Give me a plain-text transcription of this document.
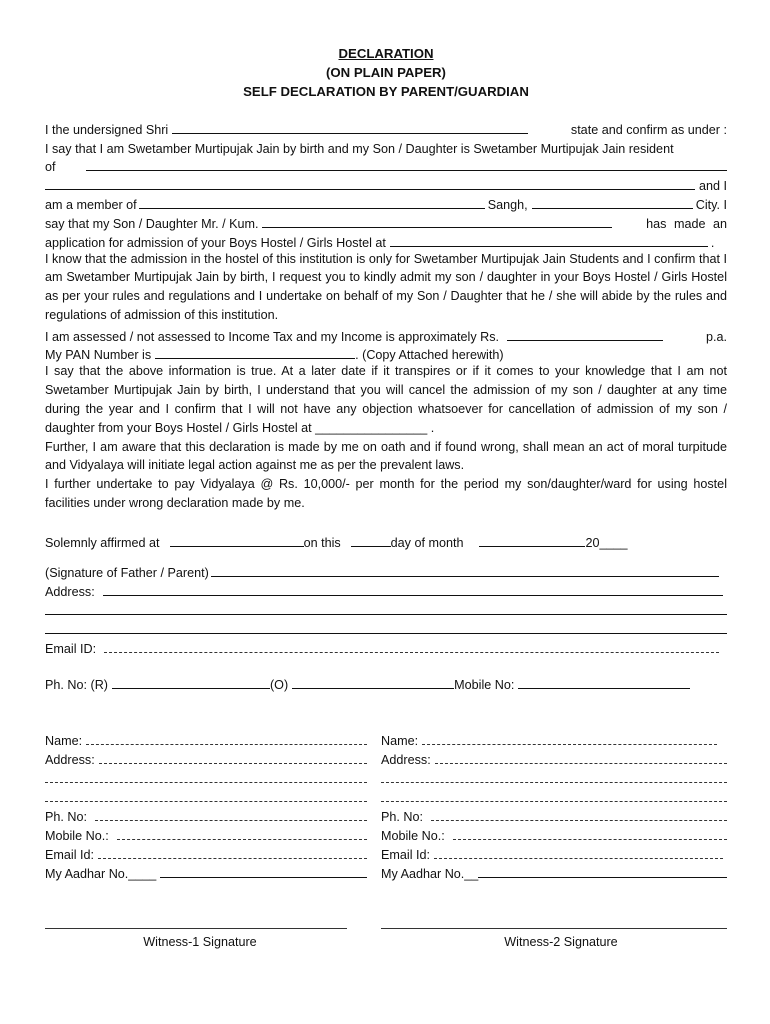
DECLARATION
(ON PLAIN PAPER)
SELF DECLARATION BY PARENT/GUARDIAN
I the undersigned Shri	state and confirm as under :
I say that I am Swetamber Murtipujak Jain by birth and my Son / Daughter is Swetamber Murtipujak Jain resident
of
and I
am a member of	Sangh,	City. I
say that my Son / Daughter Mr. / Kum.	has made an
application for admission of your Boys Hostel / Girls Hostel at	.
I know that the admission in the hostel of this institution is only for Swetamber Murtipujak Jain Students and I confirm that I am Swetamber Murtipujak Jain by birth, I request you to kindly admit my son / daughter in your Boys Hostel / Girls Hostel as per your rules and regulations and I undertake on behalf of my Son / Daughter that he / she will abide by the rules and regulations of admission of this institution.
I am assessed / not assessed to Income Tax and my Income is approximately Rs.	p.a.
My PAN Number is	. (Copy Attached herewith)
I say that the above information is true. At a later date if it transpires or if it comes to your knowledge that I am not Swetamber Murtipujak Jain by birth, I understand that you will cancel the admission of my son / daughter at any time during the year and I confirm that I will not have any objection whatsoever for cancellation of admission of my son / daughter from your Boys Hostel / Girls Hostel at ________________ .
Further, I am aware that this declaration is made by me on oath and if found wrong, shall mean an act of moral turpitude and Vidyalaya will initiate legal action against me as per the prevalent laws.
I further undertake to pay Vidyalaya @ Rs. 10,000/- per month for the period my son/daughter/ward for using hostel facilities under wrong declaration made by me.
Solemnly affirmed at	on this	day of month	20____
(Signature of Father / Parent)
Address:
Email ID:
Ph. No: (R)	(O)	Mobile No:
Name:
Address:
Ph. No:
Mobile No.:
Email Id:
My Aadhar No.____
Witness-1 Signature
Name:
Address:
Ph. No:
Mobile No.:
Email Id:
My Aadhar No.__
Witness-2 Signature
